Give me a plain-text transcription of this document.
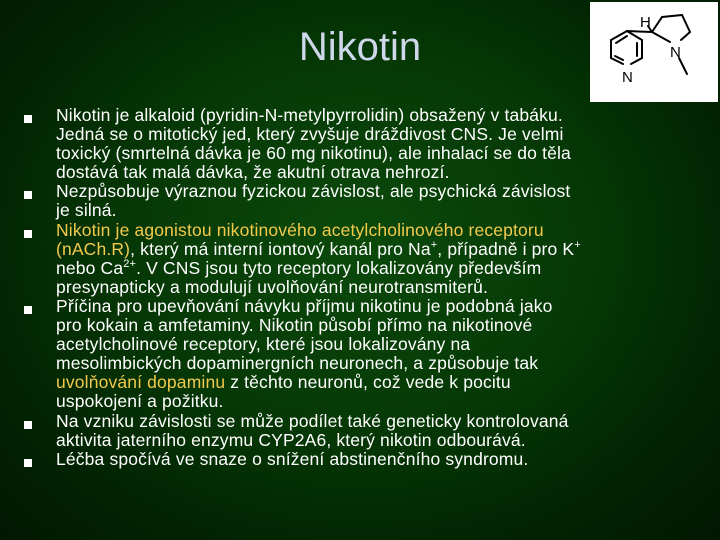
Nikotin
H
N
N
Nikotin je alkaloid (pyridin-N-metylpyrrolidin) obsažený v tabáku.
Jedná se o mitotický jed, který zvyšuje dráždivost CNS. Je velmi
toxický (smrtelná dávka je 60 mg nikotinu), ale inhalací se do těla
dostává tak malá dávka, že akutní otrava nehrozí.
Nezpůsobuje výraznou fyzickou závislost, ale psychická závislost
je silná.
Nikotin je agonistou nikotinového acetylcholinového receptoru
(nACh.R), který má interní iontový kanál pro Na+, případně i pro K+
nebo $Ca^{2+}$. V CNS jsou tyto receptory lokalizovány především
presynapticky a modulují uvolňování neurotransmiterů.
Příčina pro upevňování návyku příjmu nikotinu je podobná jako
pro kokain a amfetaminy. Nikotin působí přímo na nikotinové
acetylcholinové receptory, které jsou lokalizovány na
mesolimbických dopaminergních neuronech, a způsobuje tak
uvolňování dopaminu z těchto neuronů, což vede k pocitu
uspokojení a požitku.
Na vzniku závislosti se může podílet také geneticky kontrolovaná
aktivita jaterního enzymu CYP2A6, který nikotin odbourává.
Léčba spočívá ve snaze o snížení abstinenčního syndromu.
